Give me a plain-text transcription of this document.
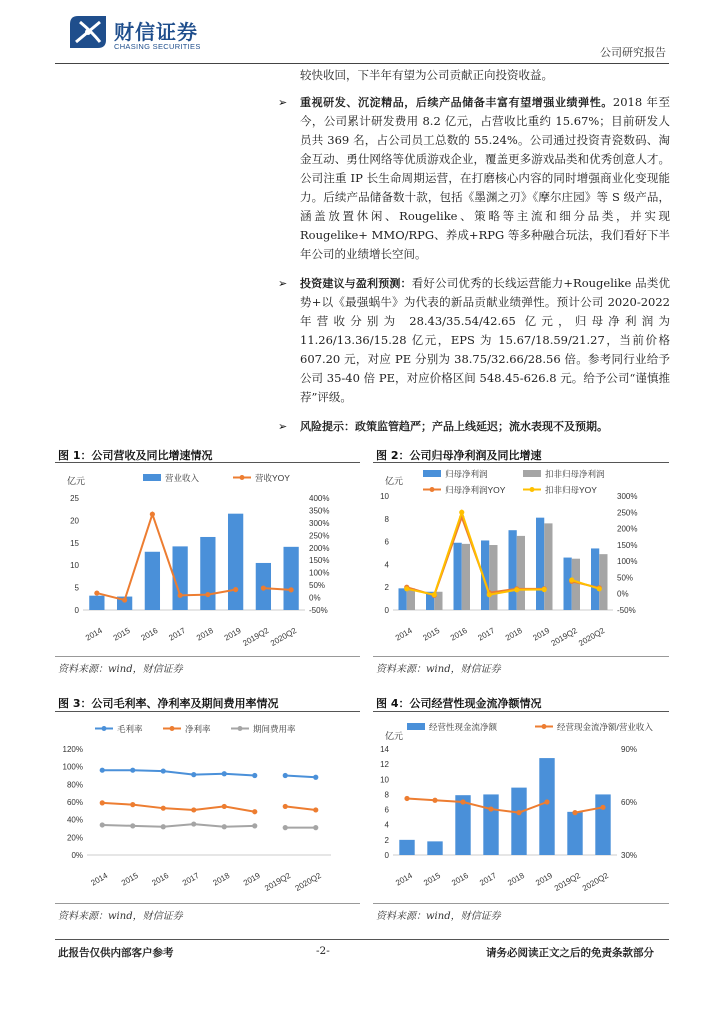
财信证券
CHASING SECURITIES	公司研究报告

较快收回，下半年有望为公司贡献正向投资收益。

➢ 重视研发、沉淀精品，后续产品储备丰富有望增强业绩弹性。2018 年至今，公司累计研发费用 8.2 亿元，占营收比重约 15.67%；目前研发人员共 369 名，占公司员工总数的 55.24%。公司通过投资青瓷数码、淘金互动、勇仕网络等优质游戏企业，覆盖更多游戏品类和优秀创意人才。公司注重 IP 长生命周期运营，在打磨核心内容的同时增强商业化变现能力。后续产品储备数十款，包括《墨渊之刃》《摩尔庄园》等 S 级产品，涵盖放置休闲、Rougelike、策略等主流和细分品类，并实现 Rougelike+ MMO/RPG、养成+RPG 等多种融合玩法，我们看好下半年公司的业绩增长空间。
➢ 投资建议与盈利预测：看好公司优秀的长线运营能力+Rougelike 品类优势+以《最强蜗牛》为代表的新品贡献业绩弹性。预计公司 2020-2022 年营收分别为 28.43/35.54/42.65 亿元，归母净利润为 11.26/13.36/15.28 亿元，EPS 为 15.67/18.59/21.27，当前价格 607.20 元，对应 PE 分别为 38.75/32.66/28.56 倍。参考同行业给予公司 35-40 倍 PE，对应价格区间 548.45-626.8 元。给予公司“谨慎推荐”评级。
➢ 风险提示：政策监管趋严；产品上线延迟；流水表现不及预期。
图 1：公司营收及同比增速情况
亿元
0
5
10
15
20
25
-50%
0%
50%
100%
150%
200%
250%
300%
350%
400%
2014 2015 2016 2017 2018 2019
2019Q2
2020Q2
营业收入	营收YOY
资料来源：wind，财信证券
图 2：公司归母净利润及同比增速
亿元
0
2
4
6
8
10
-50%
0%
50%
100%
150%
200%
250%
300%
2014 2015 2016 2017 2018 2019
2019Q2
2020Q2
归母净利润	扣非归母净利润
归母净利润YOY	扣非归母YOY
资料来源：wind，财信证券
图 3：公司毛利率、净利率及期间费用率情况
0%
20%
40%
60%
80%
100%
120%
2014 2015 2016 2017 2018 2019 2019Q2 2020Q2
毛利率	净利率	期间费用率
资料来源：wind，财信证券
图 4：公司经营性现金流净额情况
亿元
0
2
4
6
8
10
12
14
30%
60%
90%
2014 2015 2016 2017 2018 2019
2019Q2
2020Q2
经营性现金流净额	经营现金流净额/营业收入
资料来源：wind，财信证券
此报告仅供内部客户参考	-2-	请务必阅读正文之后的免责条款部分
